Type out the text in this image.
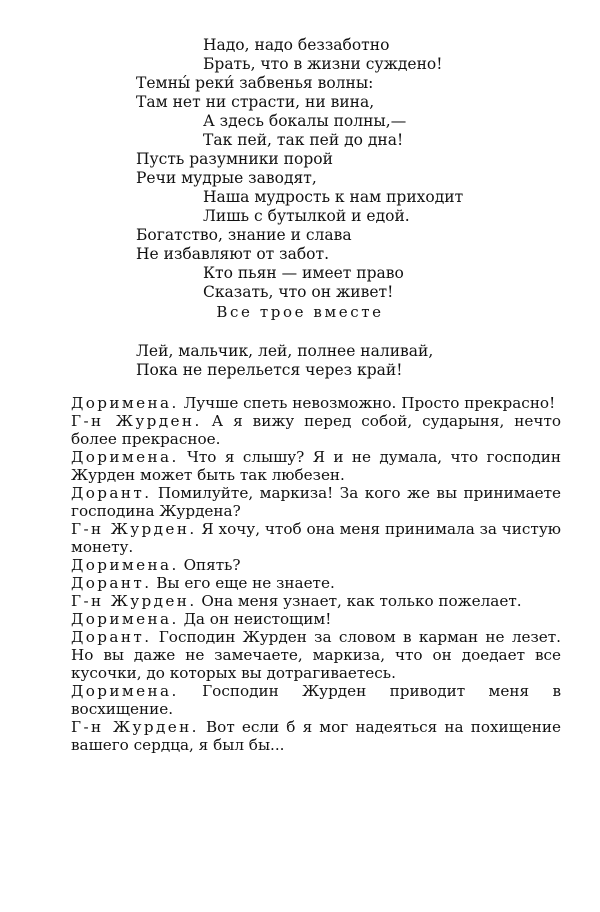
Надо, надо беззаботно
Брать, что в жизни суждено!
Темны́ реки́ забвенья волны:
Там нет ни страсти, ни вина,
А здесь бокалы полны,—
Так пей, так пей до дна!
Пусть разумники порой
Речи мудрые заводят,
Наша мудрость к нам приходит
Лишь с бутылкой и едой.
Богатство, знание и слава
Не избавляют от забот.
Кто пьян — имеет право
Сказать, что он живет!
Все трое вместе
Лей, мальчик, лей, полнее наливай,
Пока не перельется через край!

Доримена. Лучше спеть невозможно. Просто прекрасно!

Г-н Журден. А я вижу перед собой, сударыня, нечто более прекрасное.

Доримена. Что я слышу? Я и не думала, что господин Журден может быть так любезен.

Дорант. Помилуйте, маркиза! За кого же вы принимаете господина Журдена?

Г-н Журден. Я хочу, чтоб она меня принимала за чистую монету.

Доримена. Опять?

Дорант. Вы его еще не знаете.

Г-н Журден. Она меня узнает, как только пожелает.

Доримена. Да он неистощим!

Дорант. Господин Журден за словом в карман не лезет. Но вы даже не замечаете, маркиза, что он доедает все кусочки, до которых вы дотрагиваетесь.

Доримена. Господин Журден приводит меня в восхищение.

Г-н Журден. Вот если б я мог надеяться на похищение вашего сердца, я был бы...
